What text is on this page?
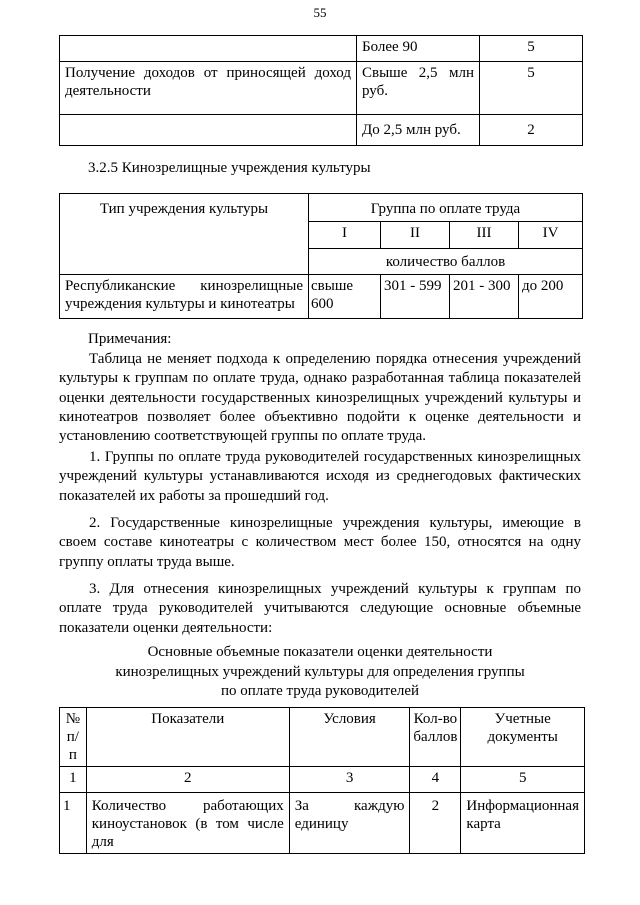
55
	Более 90	5
Получение доходов от приносящей доход деятельности	Свыше 2,5 млн руб.	5
	До 2,5 млн руб.	2
3.2.5 Кинозрелищные учреждения культуры
Тип учреждения культуры	Группа по оплате труда			
	I	II	III	IV
	количество баллов			
Республиканские кинозрелищные учреждения культуры и кинотеатры	свыше 600	301 - 599	201 - 300	до 200
Примечания:
Таблица не меняет подхода к определению порядка отнесения учреждений культуры к группам по оплате труда, однако разработанная таблица показателей оценки деятельности государственных кинозрелищных учреждений культуры и кинотеатров позволяет более объективно подойти к оценке деятельности и установлению соответствующей группы по оплате труда.
1. Группы по оплате труда руководителей государственных кинозрелищных учреждений культуры устанавливаются исходя из среднегодовых фактических показателей их работы за прошедший год.
2. Государственные кинозрелищные учреждения культуры, имеющие в своем составе кинотеатры с количеством мест более 150, относятся на одну группу оплаты труда выше.
3. Для отнесения кинозрелищных учреждений культуры к группам по оплате труда руководителей учитываются следующие основные объемные показатели оценки деятельности:
Основные объемные показатели оценки деятельности
кинозрелищных учреждений культуры для определения группы
по оплате труда руководителей
№ п/п	Показатели	Условия	Кол-во баллов	Учетные документы
1	2	3	4	5
1	Количество работающих киноустановок (в том числе для	За каждую единицу	2	Информационная карта
